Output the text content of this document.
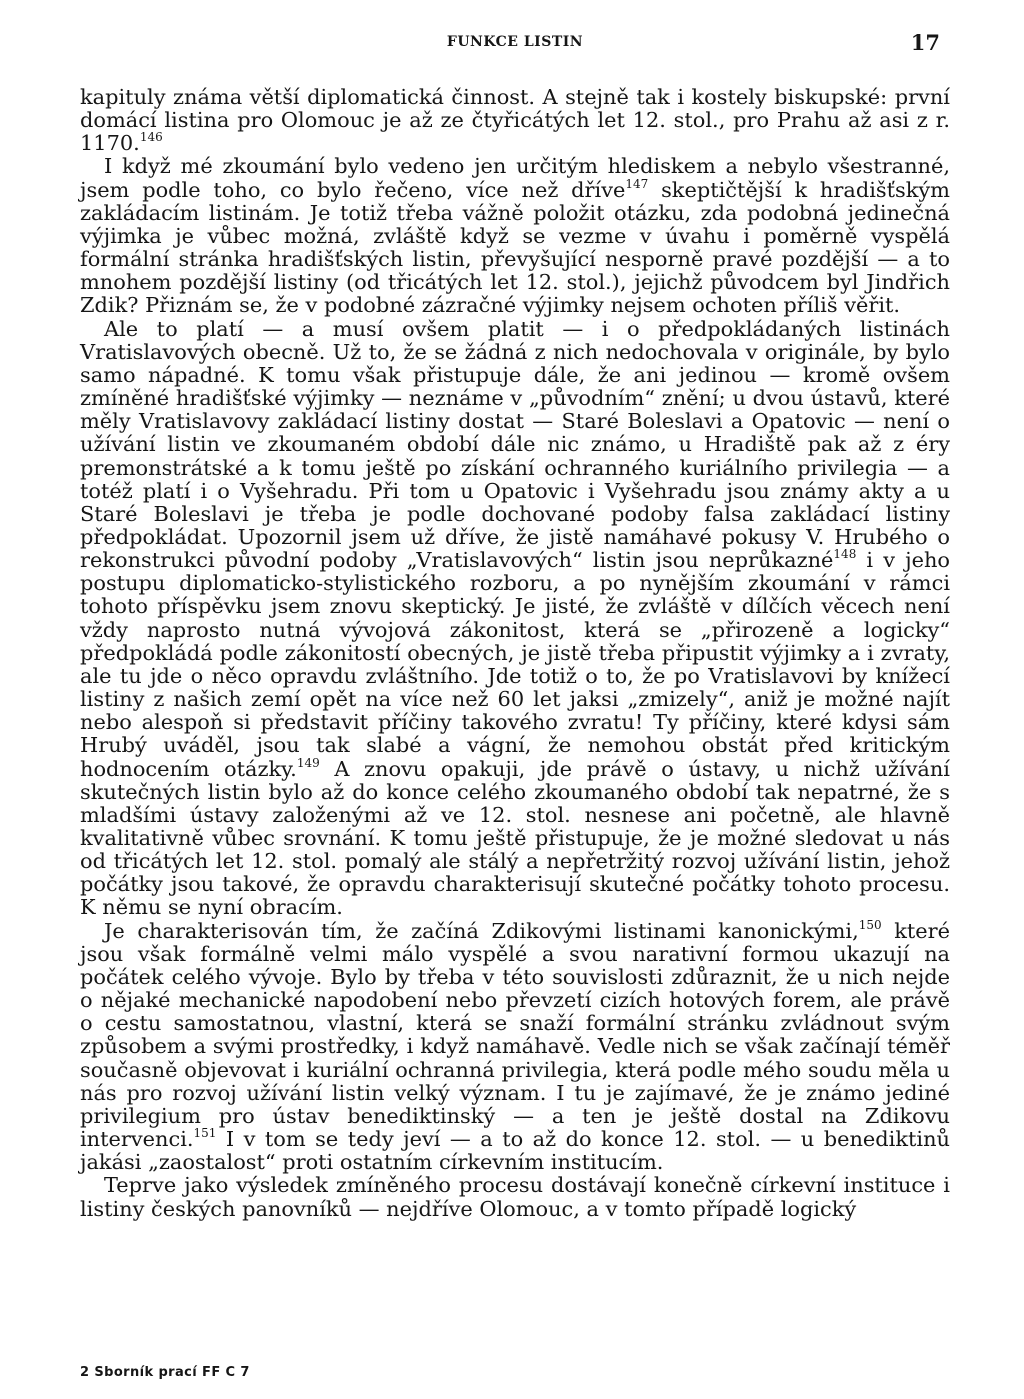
FUNKCE LISTIN	17

kapituly známa větší diplomatická činnost. A stejně tak i kostely biskupské: první domácí listina pro Olomouc je až ze čtyřicátých let 12. stol., pro Prahu až asi z r. 1170.$^{146}$

I když mé zkoumání bylo vedeno jen určitým hlediskem a nebylo všestranné, jsem podle toho, co bylo řečeno, více než dříve$^{147}$ skeptičtější k hradišťským zakládacím listinám. Je totiž třeba vážně položit otázku, zda podobná jedinečná výjimka je vůbec možná, zvláště když se vezme v úvahu i poměrně vyspělá formální stránka hradišťských listin, převyšující nesporně pravé pozdější — a to mnohem pozdější listiny (od třicátých let 12. stol.), jejichž původcem byl Jindřich Zdik? Přiznám se, že v podobné zázračné výjimky nejsem ochoten příliš věřit.

Ale to platí — a musí ovšem platit — i o předpokládaných listinách Vratislavových obecně. Už to, že se žádná z nich nedochovala v originále, by bylo samo nápadné. K tomu však přistupuje dále, že ani jedinou — kromě ovšem zmíněné hradišťské výjimky — neznáme v „původním“ znění; u dvou ústavů, které měly Vratislavovy zakládací listiny dostat — Staré Boleslavi a Opatovic — není o užívání listin ve zkoumaném období dále nic známo, u Hradiště pak až z éry premonstrátské a k tomu ještě po získání ochranného kuriálního privilegia — a totéž platí i o Vyšehradu. Při tom u Opatovic i Vyšehradu jsou známy akty a u Staré Boleslavi je třeba je podle dochované podoby falsa zakládací listiny předpokládat. Upozornil jsem už dříve, že jistě namáhavé pokusy V. Hrubého o rekonstrukci původní podoby „Vratislavových“ listin jsou neprůkazné$^{148}$ i v jeho postupu diplomaticko-stylistického rozboru, a po nynějším zkoumání v rámci tohoto příspěvku jsem znovu skeptický. Je jisté, že zvláště v dílčích věcech není vždy naprosto nutná vývojová zákonitost, která se „přirozeně a logicky“ předpokládá podle zákonitostí obecných, je jistě třeba připustit výjimky a i zvraty, ale tu jde o něco opravdu zvláštního. Jde totiž o to, že po Vratislavovi by knížecí listiny z našich zemí opět na více než 60 let jaksi „zmizely“, aniž je možné najít nebo alespoň si představit příčiny takového zvratu! Ty příčiny, které kdysi sám Hrubý uváděl, jsou tak slabé a vágní, že nemohou obstát před kritickým hodnocením otázky.$^{149}$ A znovu opakuji, jde právě o ústavy, u nichž užívání skutečných listin bylo až do konce celého zkoumaného období tak nepatrné, že s mladšími ústavy založenými až ve 12. stol. nesnese ani početně, ale hlavně kvalitativně vůbec srovnání. K tomu ještě přistupuje, že je možné sledovat u nás od třicátých let 12. stol. pomalý ale stálý a nepřetržitý rozvoj užívání listin, jehož počátky jsou takové, že opravdu charakterisují skutečné počátky tohoto procesu. K němu se nyní obracím.

Je charakterisován tím, že začíná Zdikovými listinami kanonickými,$^{150}$ které jsou však formálně velmi málo vyspělé a svou narativní formou ukazují na počátek celého vývoje. Bylo by třeba v této souvislosti zdůraznit, že u nich nejde o nějaké mechanické napodobení nebo převzetí cizích hotových forem, ale právě o cestu samostatnou, vlastní, která se snaží formální stránku zvládnout svým způsobem a svými prostředky, i když namáhavě. Vedle nich se však začínají téměř současně objevovat i kuriální ochranná privilegia, která podle mého soudu měla u nás pro rozvoj užívání listin velký význam. I tu je zajímavé, že je známo jediné privilegium pro ústav benediktinský — a ten je ještě dostal na Zdikovu intervenci.$^{151}$ I v tom se tedy jeví — a to až do konce 12. stol. — u benediktinů jakási „zaostalost“ proti ostatním církevním institucím.

Teprve jako výsledek zmíněného procesu dostávají konečně církevní instituce i listiny českých panovníků — nejdříve Olomouc, a v tomto případě logický

2 Sborník prací FF C 7
